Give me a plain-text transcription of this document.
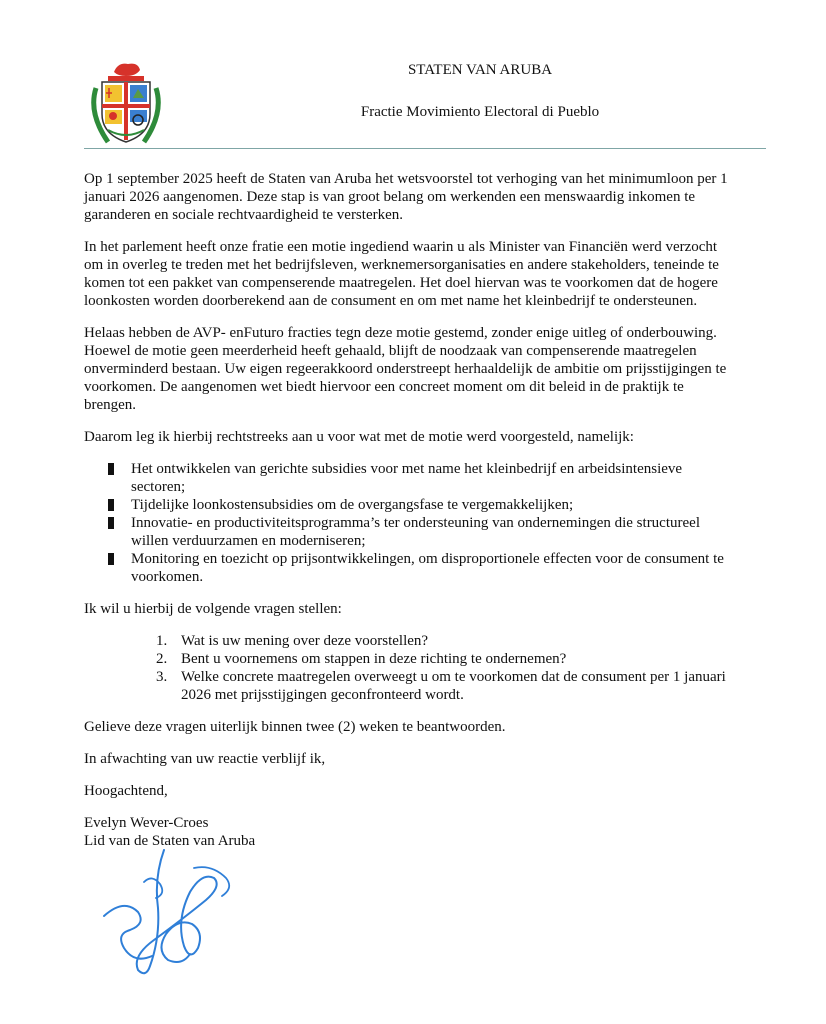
STATEN VAN ARUBA
Fractie Movimiento Electoral di Pueblo

Op 1 september 2025 heeft de Staten van Aruba het wetsvoorstel tot verhoging van het minimumloon per 1 januari 2026 aangenomen. Deze stap is van groot belang om werkenden een menswaardig inkomen te garanderen en sociale rechtvaardigheid te versterken.

In het parlement heeft onze fratie een motie ingediend waarin u als Minister van Financiën werd verzocht om in overleg te treden met het bedrijfsleven, werknemersorganisaties en andere stakeholders, teneinde te komen tot een pakket van compenserende maatregelen. Het doel hiervan was te voorkomen dat de hogere loonkosten worden doorberekend aan de consument en om met name het kleinbedrijf te ondersteunen.

Helaas hebben de AVP- enFuturo fracties tegn deze motie gestemd, zonder enige uitleg of onderbouwing. Hoewel de motie geen meerderheid heeft gehaald, blijft de noodzaak van compenserende maatregelen onverminderd bestaan. Uw eigen regeerakkoord onderstreept herhaaldelijk de ambitie om prijsstijgingen te voorkomen. De aangenomen wet biedt hiervoor een concreet moment om dit beleid in de praktijk te brengen.

Daarom leg ik hierbij rechtstreeks aan u voor wat met de motie werd voorgesteld, namelijk:

Het ontwikkelen van gerichte subsidies voor met name het kleinbedrijf en arbeidsintensieve sectoren;
Tijdelijke loonkostensubsidies om de overgangsfase te vergemakkelijken;
Innovatie- en productiviteitsprogramma’s ter ondersteuning van ondernemingen die structureel willen verduurzamen en moderniseren;
Monitoring en toezicht op prijsontwikkelingen, om disproportionele effecten voor de consument te voorkomen.

Ik wil u hierbij de volgende vragen stellen:

1. Wat is uw mening over deze voorstellen?
2. Bent u voornemens om stappen in deze richting te ondernemen?
3. Welke concrete maatregelen overweegt u om te voorkomen dat de consument per 1 januari 2026 met prijsstijgingen geconfronteerd wordt.

Gelieve deze vragen uiterlijk binnen twee (2) weken te beantwoorden.

In afwachting van uw reactie verblijf ik,

Hoogachtend,

Evelyn Wever-Croes

Lid van de Staten van Aruba
